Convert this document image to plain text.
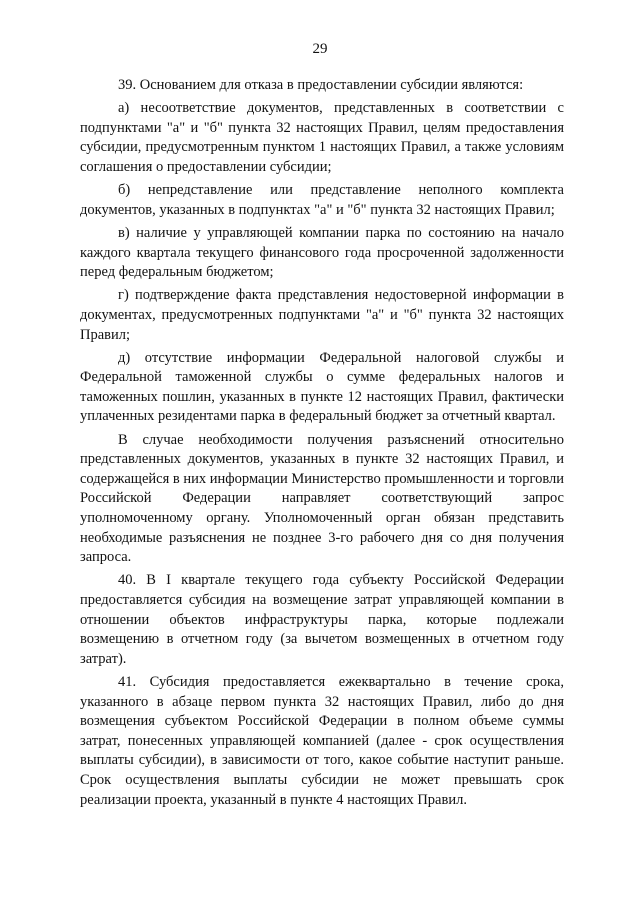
29

39. Основанием для отказа в предоставлении субсидии являются:

а) несоответствие документов, представленных в соответствии с подпунктами "а" и "б" пункта 32 настоящих Правил, целям предоставления субсидии, предусмотренным пунктом 1 настоящих Правил, а также условиям соглашения о предоставлении субсидии;

б) непредставление или представление неполного комплекта документов, указанных в подпунктах "а" и "б" пункта 32 настоящих Правил;

в) наличие у управляющей компании парка по состоянию на начало каждого квартала текущего финансового года просроченной задолженности перед федеральным бюджетом;

г) подтверждение факта представления недостоверной информации в документах, предусмотренных подпунктами "а" и "б" пункта 32 настоящих Правил;

д) отсутствие информации Федеральной налоговой службы и Федеральной таможенной службы о сумме федеральных налогов и таможенных пошлин, указанных в пункте 12 настоящих Правил, фактически уплаченных резидентами парка в федеральный бюджет за отчетный квартал.

В случае необходимости получения разъяснений относительно представленных документов, указанных в пункте 32 настоящих Правил, и содержащейся в них информации Министерство промышленности и торговли Российской Федерации направляет соответствующий запрос уполномоченному органу. Уполномоченный орган обязан представить необходимые разъяснения не позднее 3-го рабочего дня со дня получения запроса.

40. В I квартале текущего года субъекту Российской Федерации предоставляется субсидия на возмещение затрат управляющей компании в отношении объектов инфраструктуры парка, которые подлежали возмещению в отчетном году (за вычетом возмещенных в отчетном году затрат).

41. Субсидия предоставляется ежеквартально в течение срока, указанного в абзаце первом пункта 32 настоящих Правил, либо до дня возмещения субъектом Российской Федерации в полном объеме суммы затрат, понесенных управляющей компанией (далее - срок осуществления выплаты субсидии), в зависимости от того, какое событие наступит раньше. Срок осуществления выплаты субсидии не может превышать срок реализации проекта, указанный в пункте 4 настоящих Правил.
